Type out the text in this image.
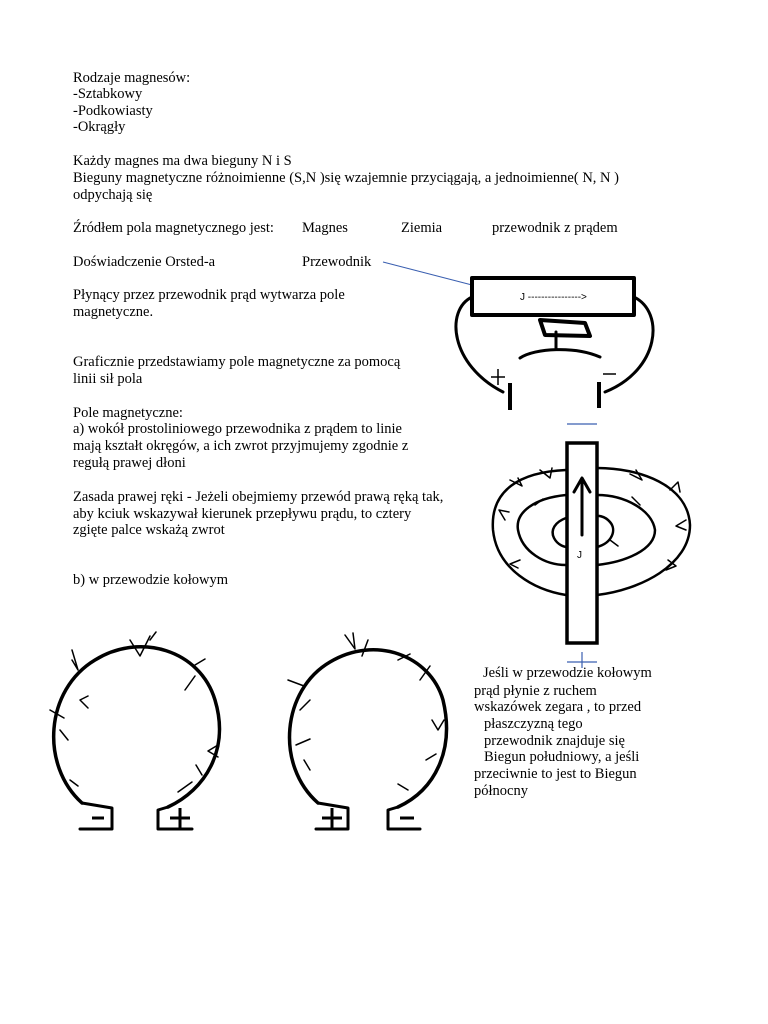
Rodzaje magnesów:
-Sztabkowy
-Podkowiasty
-Okrągły
Każdy magnes ma dwa bieguny N i S
Bieguny magnetyczne różnoimienne (S,N )się wzajemnie przyciągają, a jednoimienne( N, N )
odpychają się
Źródłem pola magnetycznego jest: Magnes	Ziemia	przewodnik z prądem
Doświadczenie Orsted-a	Przewodnik
Płynący przez przewodnik prąd wytwarza pole
magnetyczne.
Graficznie przedstawiamy pole magnetyczne za pomocą
linii sił pola
Pole magnetyczne:
a) wokół prostoliniowego przewodnika z prądem to linie
mają kształt okręgów, a ich zwrot przyjmujemy zgodnie z
regułą prawej dłoni
Zasada prawej ręki - Jeżeli obejmiemy przewód prawą ręką tak,
aby kciuk wskazywał kierunek przepływu prądu, to cztery
zgięte palce wskażą zwrot
b) w przewodzie kołowym
Jeśli w przewodzie kołowym
prąd płynie z ruchem
wskazówek zegara , to przed
płaszczyzną tego
przewodnik znajduje się
Biegun południowy, a jeśli
przeciwnie to jest to Biegun
północny
J ---------------->
J
